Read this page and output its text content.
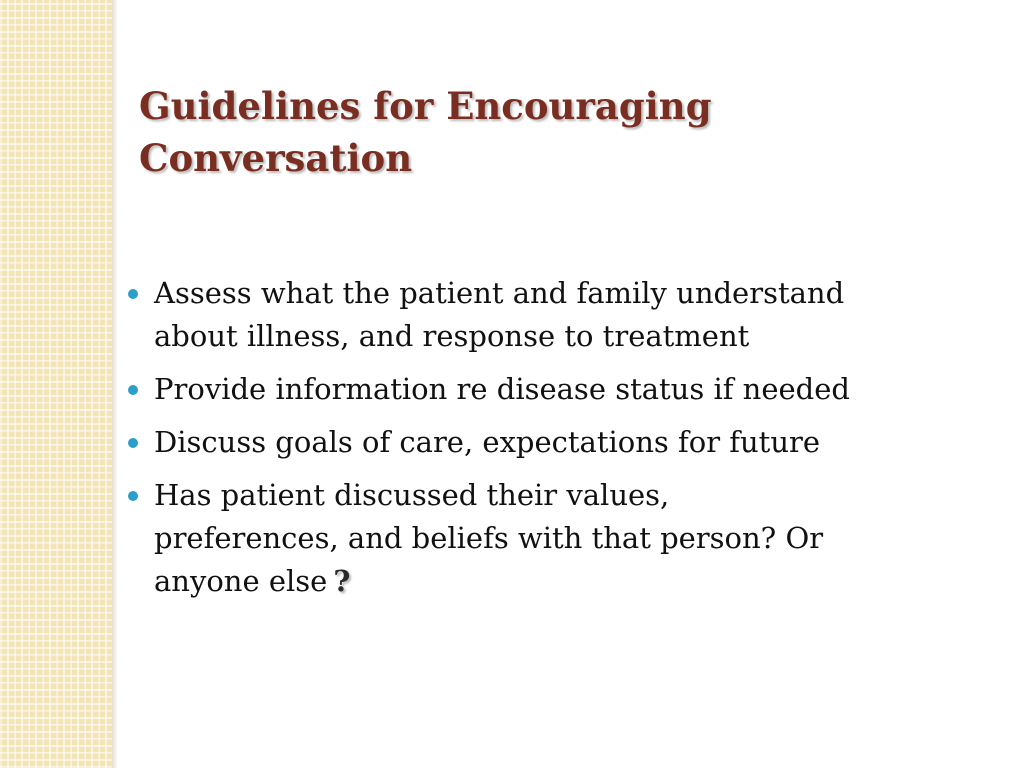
Guidelines for Encouraging
Conversation
Assess what the patient and family understand
about illness, and response to treatment
Provide information re disease status if needed
Discuss goals of care, expectations for future
Has patient discussed their values,
preferences, and beliefs with that person? Or
anyone else ?
